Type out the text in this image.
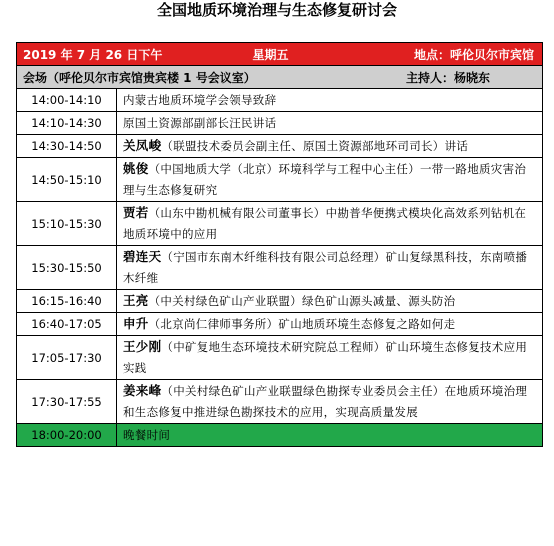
全国地质环境治理与生态修复研讨会
2019 年 7 月 26 日下午 星期五 地点：呼伦贝尔市宾馆	

会场（呼伦贝尔市宾馆贵宾楼 1 号会议室） 主持人：杨晓东	

14:00-14:10	内蒙古地质环境学会领导致辞
14:10-14:30	原国土资源部副部长汪民讲话
14:30-14:50	关凤峻（联盟技术委员会副主任、原国土资源部地环司司长）讲话
14:50-15:10	姚俊（中国地质大学（北京）环境科学与工程中心主任）一带一路地质灾害治理与生态修复研究
15:10-15:30	贾若（山东中勘机械有限公司董事长）中勘普华便携式模块化高效系列钻机在地质环境中的应用
15:30-15:50	碧连天（宁国市东南木纤维科技有限公司总经理）矿山复绿黑科技，东南喷播木纤维
16:15-16:40	王亮（中关村绿色矿山产业联盟）绿色矿山源头减量、源头防治
16:40-17:05	申升（北京尚仁律师事务所）矿山地质环境生态修复之路如何走
17:05-17:30	王少刚（中矿复地生态环境技术研究院总工程师）矿山环境生态修复技术应用实践
17:30-17:55	姜来峰（中关村绿色矿山产业联盟绿色勘探专业委员会主任）在地质环境治理和生态修复中推进绿色勘探技术的应用，实现高质量发展
18:00-20:00	晚餐时间
